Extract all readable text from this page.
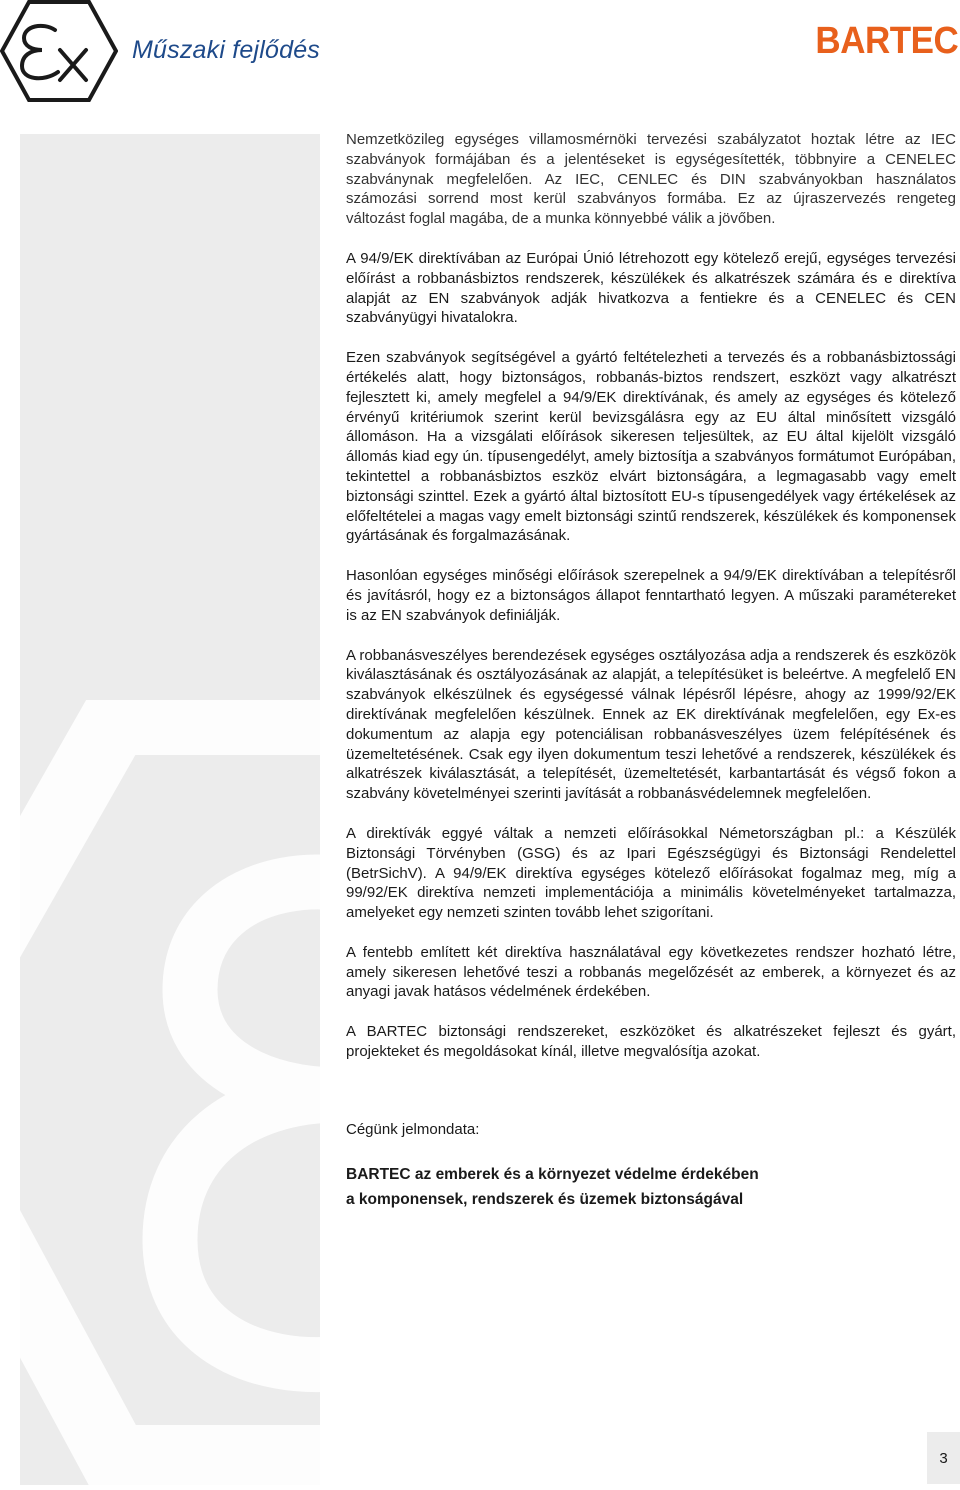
Műszaki fejlődés	BARTEC

Nemzetközileg egységes villamosmérnöki tervezési szabályzatot hoztak létre az IEC szabványok formájában és a jelentéseket is egységesítették, többnyire a CENELEC szabványnak megfelelően. Az IEC, CENLEC és DIN szabványokban használatos számozási sorrend most kerül szabványos formába. Ez az újraszervezés rengeteg változást foglal magába, de a munka könnyebbé válik a jövőben.

A 94/9/EK direktívában az Európai Únió létrehozott egy kötelező erejű, egységes tervezési előírást a robbanásbiztos rendszerek, készülékek és alkatrészek számára és e direktíva alapját az EN szabványok adják hivatkozva a fentiekre és a CENELEC és CEN szabványügyi hivatalokra.

Ezen szabványok segítségével a gyártó feltételezheti a tervezés és a robbanásbiztossági értékelés alatt, hogy biztonságos, robbanás-biztos rendszert, eszközt vagy alkatrészt fejlesztett ki, amely megfelel a 94/9/EK direktívának, és amely az egységes és kötelező érvényű kritériumok szerint kerül bevizsgálásra egy az EU által minősített vizsgáló állomáson. Ha a vizsgálati előírások sikeresen teljesültek, az EU által kijelölt vizsgáló állomás kiad egy ún. típusengedélyt, amely biztosítja a szabványos formátumot Európában, tekintettel a robbanásbiztos eszköz elvárt biztonságára, a legmagasabb vagy emelt biztonsági szinttel. Ezek a gyártó által biztosított EU-s típusengedélyek vagy értékelések az előfeltételei a magas vagy emelt biztonsági szintű rendszerek, készülékek és komponensek gyártásának és forgalmazásának.

Hasonlóan egységes minőségi előírások szerepelnek a 94/9/EK direktívában a telepítésről és javításról, hogy ez a biztonságos állapot fenntartható legyen. A műszaki paramétereket is az EN szabványok definiálják.

A robbanásveszélyes berendezések egységes osztályozása adja a rendszerek és eszközök kiválasztásának és osztályozásának az alapját, a telepítésüket is beleértve. A megfelelő EN szabványok elkészülnek és egységessé válnak lépésről lépésre, ahogy az 1999/92/EK direktívának megfelelően készülnek. Ennek az EK direktívának megfelelően, egy Ex-es dokumentum az alapja egy potenciálisan robbanásveszélyes üzem felépítésének és üzemeltetésének. Csak egy ilyen dokumentum teszi lehetővé a rendszerek, készülékek és alkatrészek kiválasztását, a telepítését, üzemeltetését, karbantartását és végső fokon a szabvány követelményei szerinti javítását a robbanásvédelemnek megfelelően.

A direktívák eggyé váltak a nemzeti előírásokkal Németországban pl.: a Készülék Biztonsági Törvényben (GSG) és az Ipari Egészségügyi és Biztonsági Rendelettel (BetrSichV). A 94/9/EK direktíva egységes kötelező előírásokat fogalmaz meg, míg a 99/92/EK direktíva nemzeti implementációja a minimális követelményeket tartalmazza, amelyeket egy nemzeti szinten tovább lehet szigorítani.

A fentebb említett két direktíva használatával egy következetes rendszer hozható létre, amely sikeresen lehetővé teszi a robbanás megelőzését az emberek, a környezet és az anyagi javak hatásos védelmének érdekében.

A BARTEC biztonsági rendszereket, eszközöket és alkatrészeket fejleszt és gyárt, projekteket és megoldásokat kínál, illetve megvalósítja azokat.

Cégünk jelmondata:

BARTEC az emberek és a környezet védelme érdekében
a komponensek, rendszerek és üzemek biztonságával
3
